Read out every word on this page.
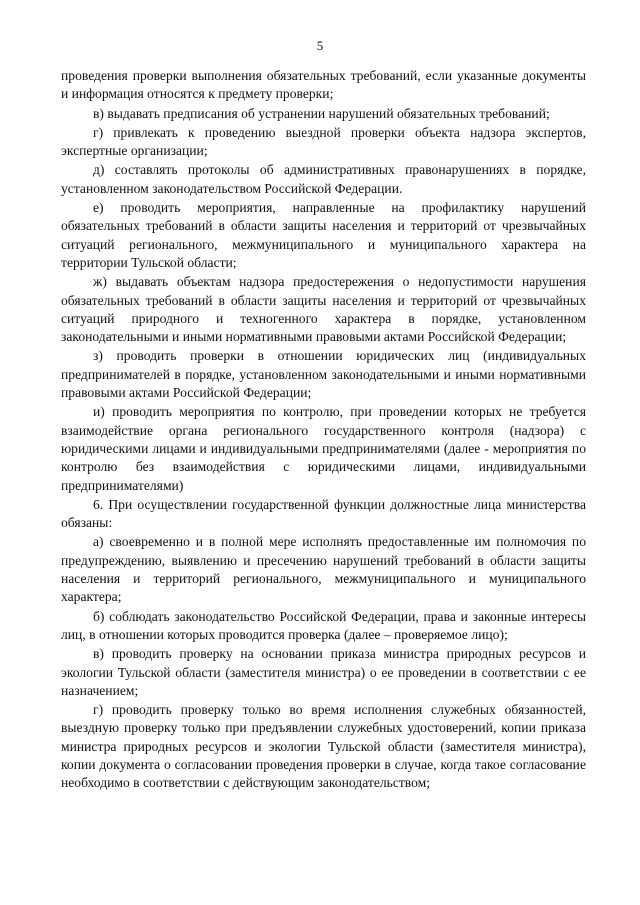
5

проведения проверки выполнения обязательных требований, если указанные документы и информация относятся к предмету проверки;

в) выдавать предписания об устранении нарушений обязательных требований;

г) привлекать к проведению выездной проверки объекта надзора экспертов, экспертные организации;

д) составлять протоколы об административных правонарушениях в порядке, установленном законодательством Российской Федерации.

е) проводить мероприятия, направленные на профилактику нарушений обязательных требований в области защиты населения и территорий от чрезвычайных ситуаций регионального, межмуниципального и муниципального характера на территории Тульской области;

ж) выдавать объектам надзора предостережения о недопустимости нарушения обязательных требований в области защиты населения и территорий от чрезвычайных ситуаций природного и техногенного характера в порядке, установленном законодательными и иными нормативными правовыми актами Российской Федерации;

з) проводить проверки в отношении юридических лиц (индивидуальных предпринимателей в порядке, установленном законодательными и иными нормативными правовыми актами Российской Федерации;

и) проводить мероприятия по контролю, при проведении которых не требуется взаимодействие органа регионального государственного контроля (надзора) с юридическими лицами и индивидуальными предпринимателями (далее - мероприятия по контролю без взаимодействия с юридическими лицами, индивидуальными предпринимателями)

6. При осуществлении государственной функции должностные лица министерства обязаны:

а) своевременно и в полной мере исполнять предоставленные им полномочия по предупреждению, выявлению и пресечению нарушений требований в области защиты населения и территорий регионального, межмуниципального и муниципального характера;

б) соблюдать законодательство Российской Федерации, права и законные интересы лиц, в отношении которых проводится проверка (далее – проверяемое лицо);

в) проводить проверку на основании приказа министра природных ресурсов и экологии Тульской области (заместителя министра) о ее проведении в соответствии с ее назначением;

г) проводить проверку только во время исполнения служебных обязанностей, выездную проверку только при предъявлении служебных удостоверений, копии приказа министра природных ресурсов и экологии Тульской области (заместителя министра), копии документа о согласовании проведения проверки в случае, когда такое согласование необходимо в соответствии с действующим законодательством;
